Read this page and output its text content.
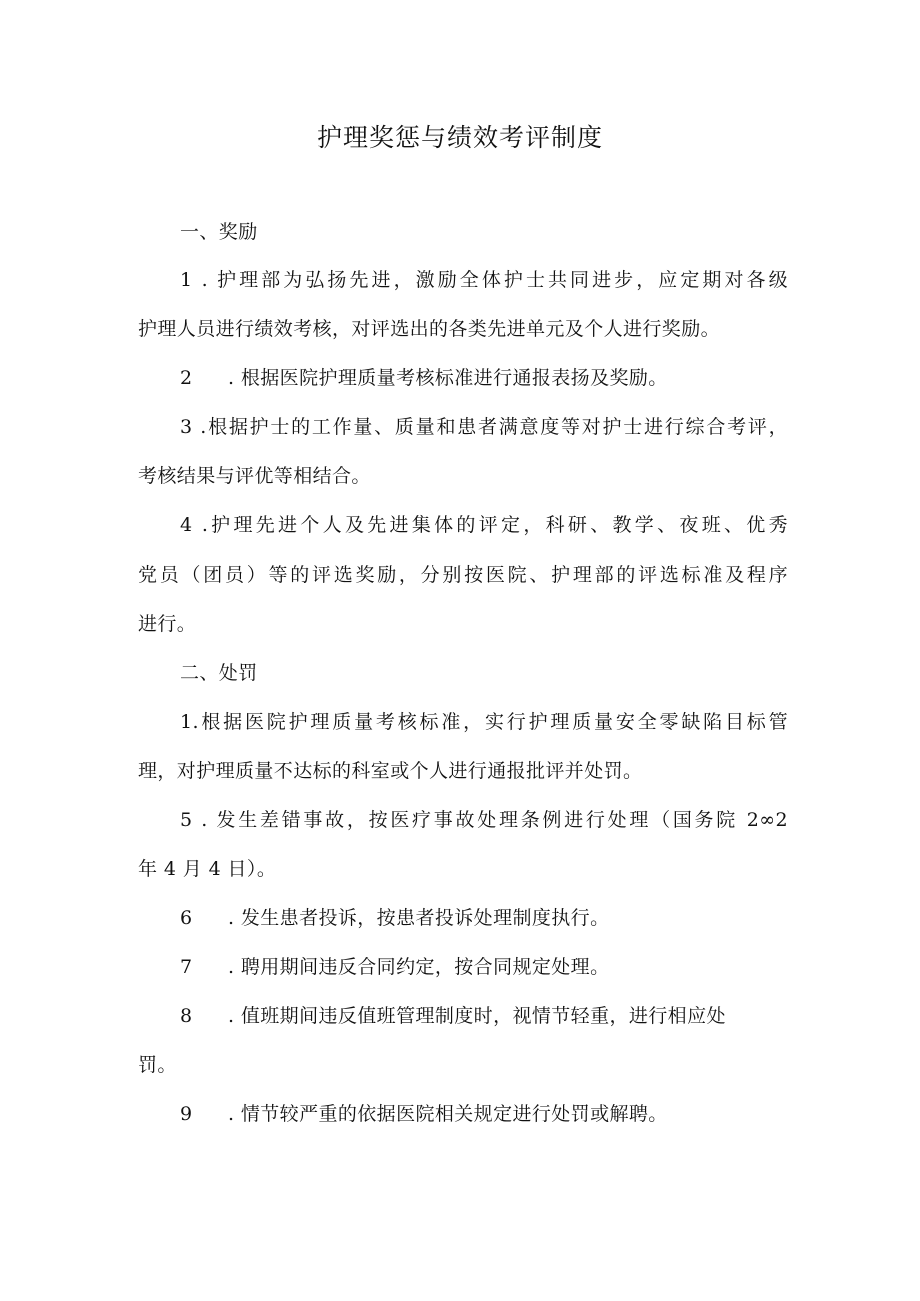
护理奖惩与绩效考评制度

一、奖励

1 . 护理部为弘扬先进，激励全体护士共同进步，应定期对各级

护理人员进行绩效考核，对评选出的各类先进单元及个人进行奖励。

2 . 根据医院护理质量考核标准进行通报表扬及奖励。

3 .根据护士的工作量、质量和患者满意度等对护士进行综合考评，

考核结果与评优等相结合。

4 .护理先进个人及先进集体的评定，科研、教学、夜班、优秀

党员（团员）等的评选奖励，分别按医院、护理部的评选标准及程序

进行。

二、处罚

1.根据医院护理质量考核标准，实行护理质量安全零缺陷目标管

理，对护理质量不达标的科室或个人进行通报批评并处罚。

5 . 发生差错事故，按医疗事故处理条例进行处理（国务院 2∞2

年 4 月 4 日）。

6 . 发生患者投诉，按患者投诉处理制度执行。

7 . 聘用期间违反合同约定，按合同规定处理。

8 . 值班期间违反值班管理制度时，视情节轻重，进行相应处

罚。

9 . 情节较严重的依据医院相关规定进行处罚或解聘。
